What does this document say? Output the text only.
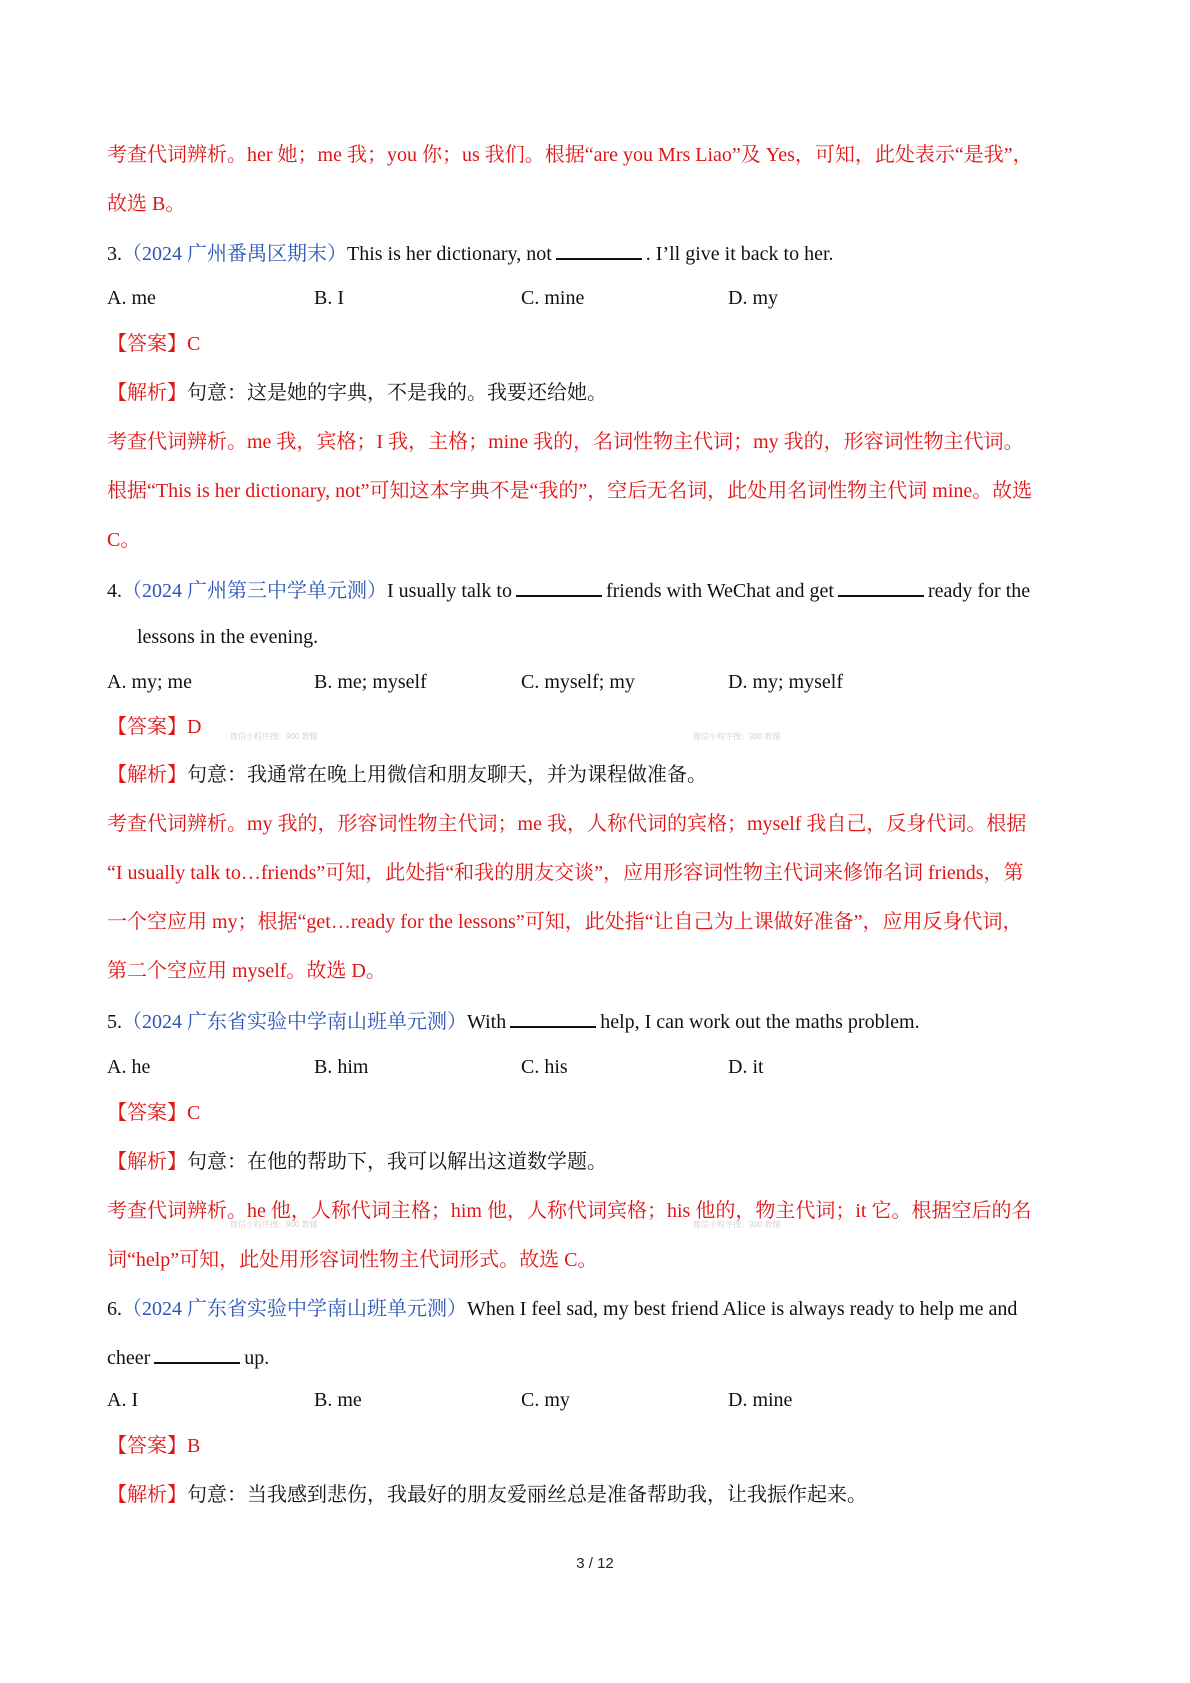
考查代词辨析。her 她；me 我；you 你；us 我们。根据“are you Mrs Liao”及 Yes，可知，此处表示“是我”，
故选 B。
3.（2024 广州番禺区期末）This is her dictionary, not	. I’ll give it back to her.
A. me	B. I	C. mine	D. my
【答案】C
【解析】句意：这是她的字典，不是我的。我要还给她。
考查代词辨析。me 我，宾格；I 我，主格；mine 我的，名词性物主代词；my 我的，形容词性物主代词。
根据“This is her dictionary, not”可知这本字典不是“我的”，空后无名词，此处用名词性物主代词 mine。故选
C。
4.（2024 广州第三中学单元测）I usually talk to	friends with WeChat and get	ready for the
lessons in the evening.
A. my; me	B. me; myself	C. myself; my	D. my; myself
【答案】D	微信小程序搜：900 教辅	微信小程序搜：900 教辅
【解析】句意：我通常在晚上用微信和朋友聊天，并为课程做准备。
考查代词辨析。my 我的，形容词性物主代词；me 我，人称代词的宾格；myself 我自己，反身代词。根据
“I usually talk to…friends”可知，此处指“和我的朋友交谈”，应用形容词性物主代词来修饰名词 friends，第
一个空应用 my；根据“get…ready for the lessons”可知，此处指“让自己为上课做好准备”，应用反身代词，
第二个空应用 myself。故选 D。
5.（2024 广东省实验中学南山班单元测）With	help, I can work out the maths problem.
A. he	B. him	C. his	D. it
【答案】C
【解析】句意：在他的帮助下，我可以解出这道数学题。
考查代词辨析。he 他，人称代词主格；him 他，人称代词宾格；his 他的，物主代词；it 它。根据空后的名
微信小程序搜：900 教辅	微信小程序搜：900 教辅
词“help”可知，此处用形容词性物主代词形式。故选 C。
6.（2024 广东省实验中学南山班单元测）When I feel sad, my best friend Alice is always ready to help me and
cheer	up.
A. I	B. me	C. my	D. mine
【答案】B
【解析】句意：当我感到悲伤，我最好的朋友爱丽丝总是准备帮助我，让我振作起来。
3 / 12
